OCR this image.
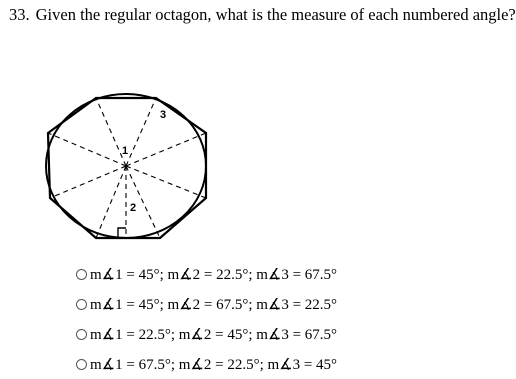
33. Given the regular octagon, what is the measure of each numbered angle?
1
2
3
m∡1 = 45°; m∡2 = 22.5°; m∡3 = 67.5°
m∡1 = 45°; m∡2 = 67.5°; m∡3 = 22.5°
m∡1 = 22.5°; m∡2 = 45°; m∡3 = 67.5°
m∡1 = 67.5°; m∡2 = 22.5°; m∡3 = 45°
